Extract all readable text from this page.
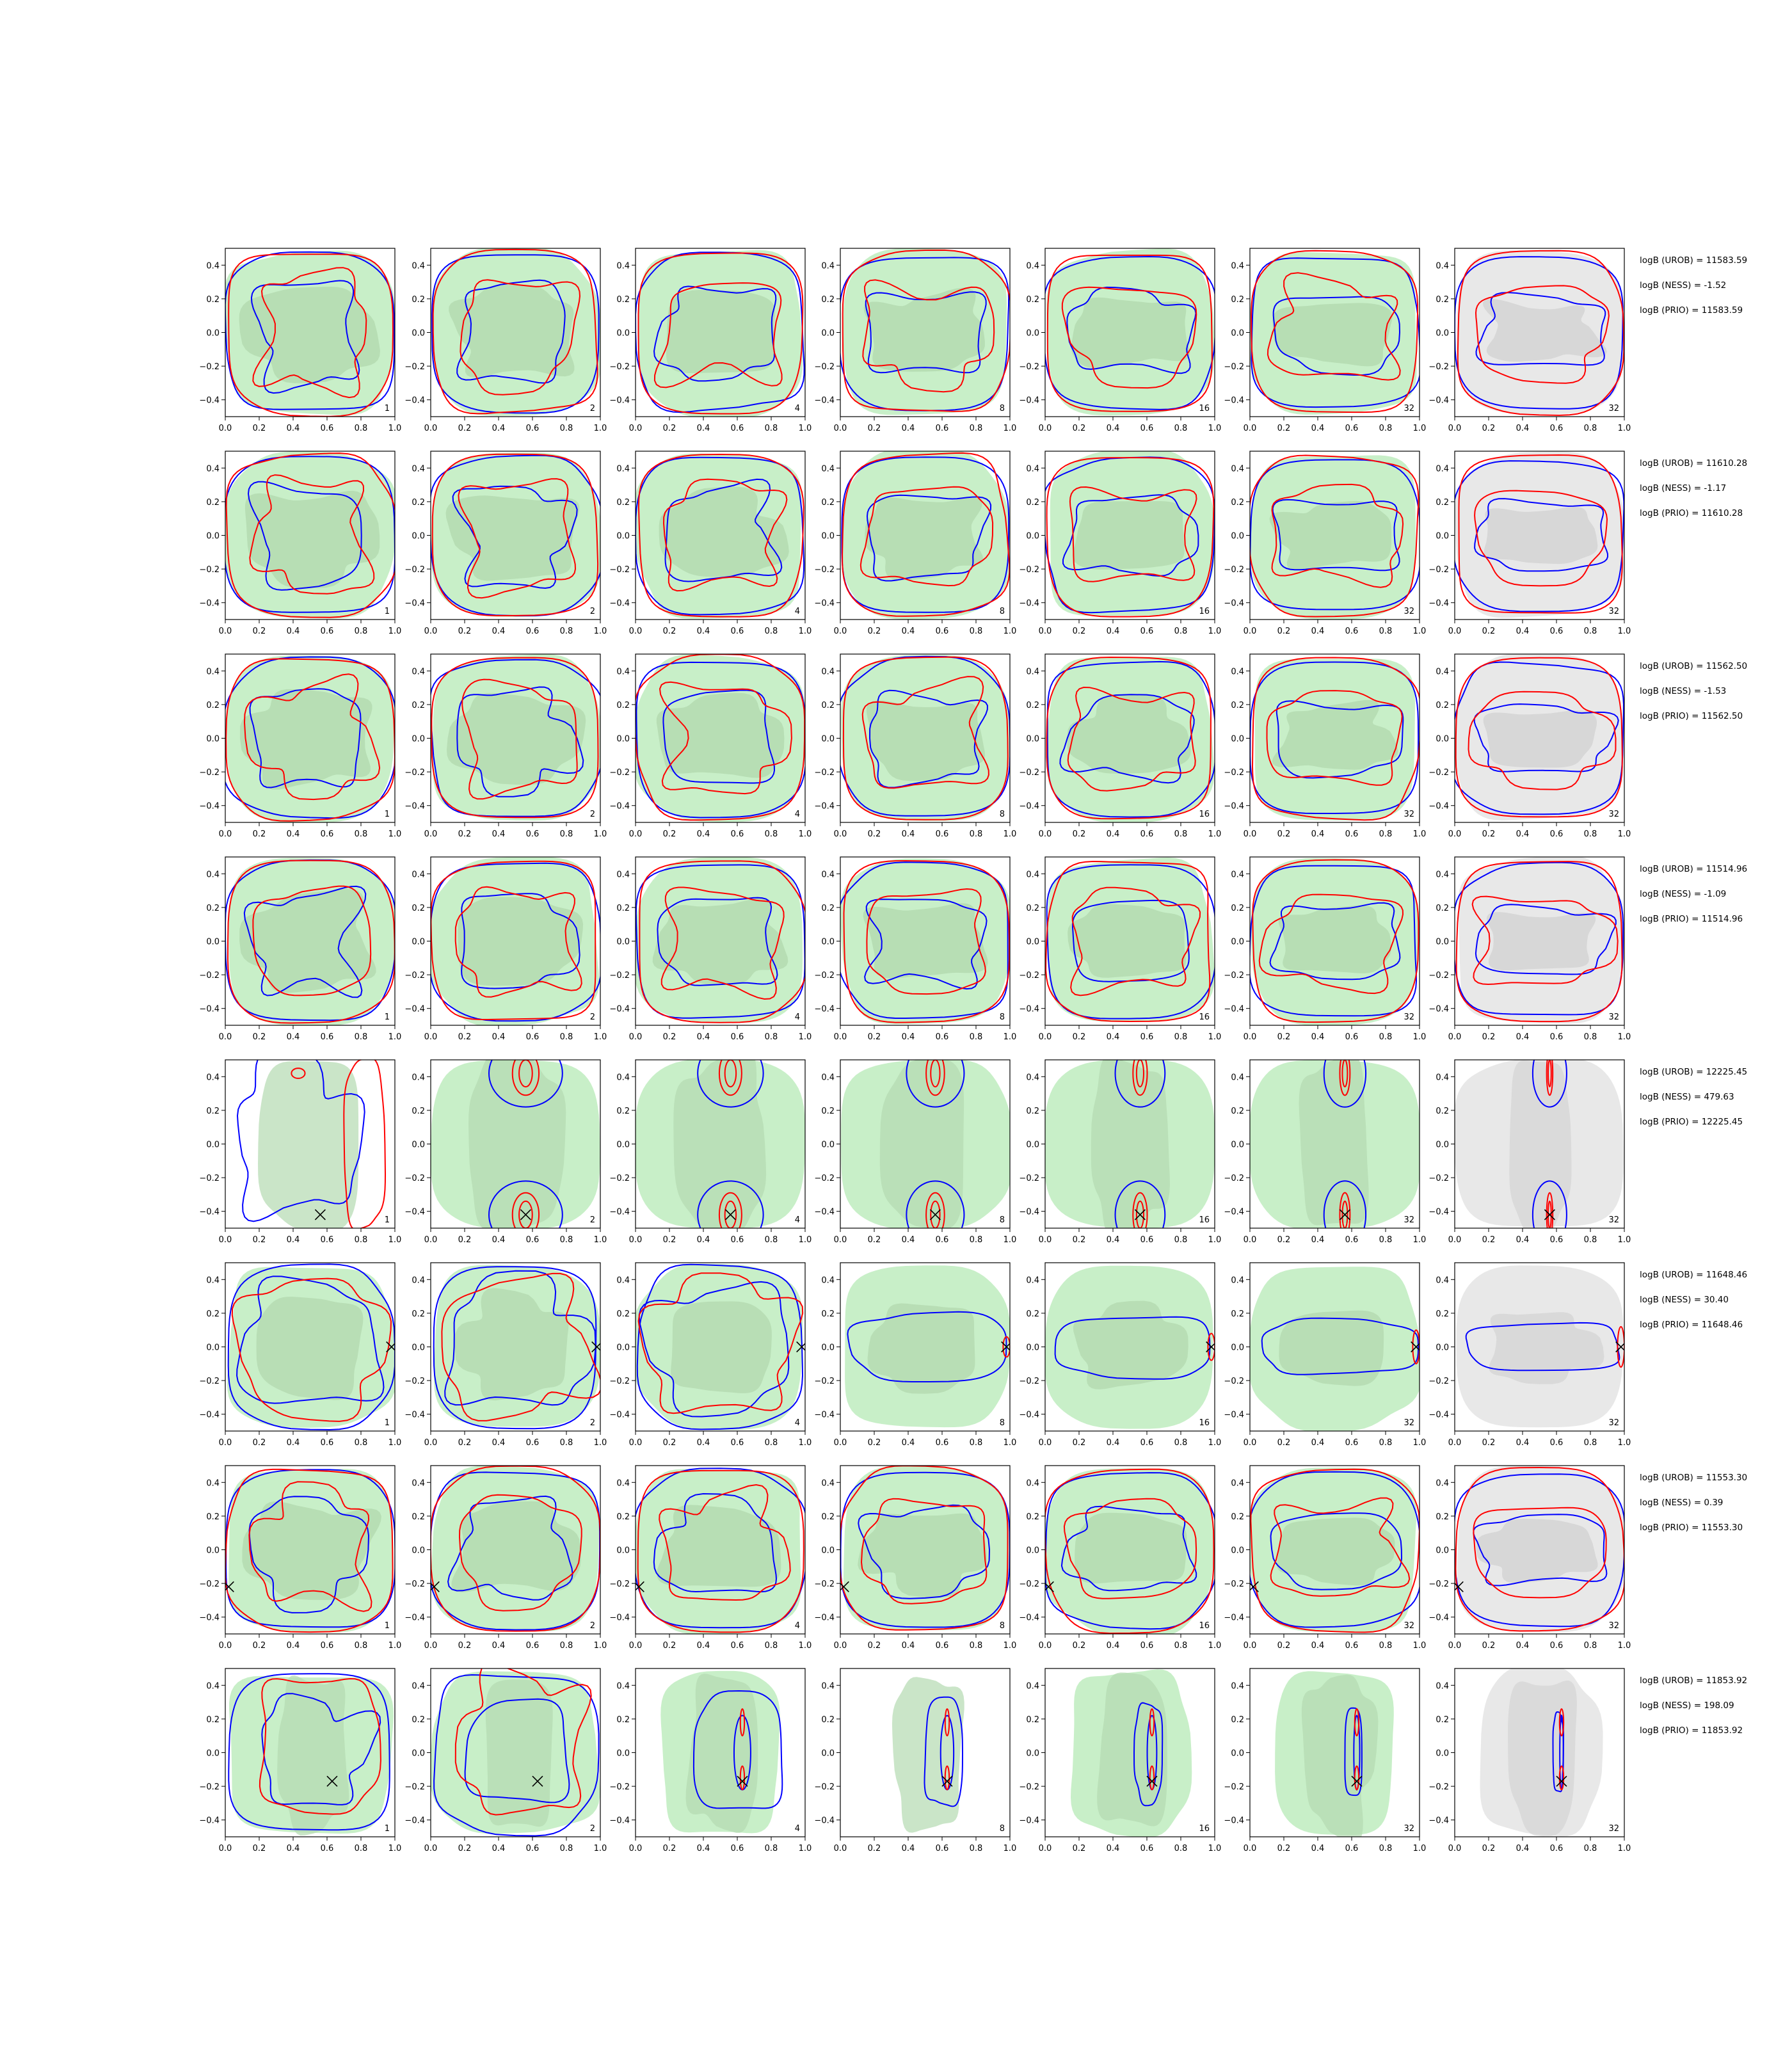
0.0 0.2 0.4 0.6 0.8 1.0
−0.4
−0.2
0.0
0.2
0.4
1
0.0 0.2 0.4 0.6 0.8 1.0
−0.4
−0.2
0.0
0.2
0.4
2
0.0 0.2 0.4 0.6 0.8 1.0
−0.4
−0.2
0.0
0.2
0.4
4
0.0 0.2 0.4 0.6 0.8 1.0
−0.4
−0.2
0.0
0.2
0.4
8
0.0 0.2 0.4 0.6 0.8 1.0
−0.4
−0.2
0.0
0.2
0.4
16
0.0 0.2 0.4 0.6 0.8 1.0
−0.4
−0.2
0.0
0.2
0.4
32
0.0 0.2 0.4 0.6 0.8 1.0
−0.4
−0.2
0.0
0.2
0.4
32
logB (UROB) = 11583.59
logB (NESS) = -1.52
logB (PRIO) = 11583.59
0.0 0.2 0.4 0.6 0.8 1.0
−0.4
−0.2
0.0
0.2
0.4
1
0.0 0.2 0.4 0.6 0.8 1.0
−0.4
−0.2
0.0
0.2
0.4
2
0.0 0.2 0.4 0.6 0.8 1.0
−0.4
−0.2
0.0
0.2
0.4
4
0.0 0.2 0.4 0.6 0.8 1.0
−0.4
−0.2
0.0
0.2
0.4
8
0.0 0.2 0.4 0.6 0.8 1.0
−0.4
−0.2
0.0
0.2
0.4
16
0.0 0.2 0.4 0.6 0.8 1.0
−0.4
−0.2
0.0
0.2
0.4
32
0.0 0.2 0.4 0.6 0.8 1.0
−0.4
−0.2
0.0
0.2
0.4
32
logB (UROB) = 11610.28
logB (NESS) = -1.17
logB (PRIO) = 11610.28
0.0 0.2 0.4 0.6 0.8 1.0
−0.4
−0.2
0.0
0.2
0.4
1
0.0 0.2 0.4 0.6 0.8 1.0
−0.4
−0.2
0.0
0.2
0.4
2
0.0 0.2 0.4 0.6 0.8 1.0
−0.4
−0.2
0.0
0.2
0.4
4
0.0 0.2 0.4 0.6 0.8 1.0
−0.4
−0.2
0.0
0.2
0.4
8
0.0 0.2 0.4 0.6 0.8 1.0
−0.4
−0.2
0.0
0.2
0.4
16
0.0 0.2 0.4 0.6 0.8 1.0
−0.4
−0.2
0.0
0.2
0.4
32
0.0 0.2 0.4 0.6 0.8 1.0
−0.4
−0.2
0.0
0.2
0.4
32
logB (UROB) = 11562.50
logB (NESS) = -1.53
logB (PRIO) = 11562.50
0.0 0.2 0.4 0.6 0.8 1.0
−0.4
−0.2
0.0
0.2
0.4
1
0.0 0.2 0.4 0.6 0.8 1.0
−0.4
−0.2
0.0
0.2
0.4
2
0.0 0.2 0.4 0.6 0.8 1.0
−0.4
−0.2
0.0
0.2
0.4
4
0.0 0.2 0.4 0.6 0.8 1.0
−0.4
−0.2
0.0
0.2
0.4
8
0.0 0.2 0.4 0.6 0.8 1.0
−0.4
−0.2
0.0
0.2
0.4
16
0.0 0.2 0.4 0.6 0.8 1.0
−0.4
−0.2
0.0
0.2
0.4
32
0.0 0.2 0.4 0.6 0.8 1.0
−0.4
−0.2
0.0
0.2
0.4
32
logB (UROB) = 11514.96
logB (NESS) = -1.09
logB (PRIO) = 11514.96
0.0 0.2 0.4 0.6 0.8 1.0
−0.4
−0.2
0.0
0.2
0.4
1
0.0 0.2 0.4 0.6 0.8 1.0
−0.4
−0.2
0.0
0.2
0.4
2
0.0 0.2 0.4 0.6 0.8 1.0
−0.4
−0.2
0.0
0.2
0.4
4
0.0 0.2 0.4 0.6 0.8 1.0
−0.4
−0.2
0.0
0.2
0.4
8
0.0 0.2 0.4 0.6 0.8 1.0
−0.4
−0.2
0.0
0.2
0.4
16
0.0 0.2 0.4 0.6 0.8 1.0
−0.4
−0.2
0.0
0.2
0.4
32
0.0 0.2 0.4 0.6 0.8 1.0
−0.4
−0.2
0.0
0.2
0.4
32
logB (UROB) = 12225.45
logB (NESS) = 479.63
logB (PRIO) = 12225.45
0.0 0.2 0.4 0.6 0.8 1.0
−0.4
−0.2
0.0
0.2
0.4
1
0.0 0.2 0.4 0.6 0.8 1.0
−0.4
−0.2
0.0
0.2
0.4
2
0.0 0.2 0.4 0.6 0.8 1.0
−0.4
−0.2
0.0
0.2
0.4
4
0.0 0.2 0.4 0.6 0.8 1.0
−0.4
−0.2
0.0
0.2
0.4
8
0.0 0.2 0.4 0.6 0.8 1.0
−0.4
−0.2
0.0
0.2
0.4
16
0.0 0.2 0.4 0.6 0.8 1.0
−0.4
−0.2
0.0
0.2
0.4
32
0.0 0.2 0.4 0.6 0.8 1.0
−0.4
−0.2
0.0
0.2
0.4
32
logB (UROB) = 11648.46
logB (NESS) = 30.40
logB (PRIO) = 11648.46
0.0 0.2 0.4 0.6 0.8 1.0
−0.4
−0.2
0.0
0.2
0.4
1
0.0 0.2 0.4 0.6 0.8 1.0
−0.4
−0.2
0.0
0.2
0.4
2
0.0 0.2 0.4 0.6 0.8 1.0
−0.4
−0.2
0.0
0.2
0.4
4
0.0 0.2 0.4 0.6 0.8 1.0
−0.4
−0.2
0.0
0.2
0.4
8
0.0 0.2 0.4 0.6 0.8 1.0
−0.4
−0.2
0.0
0.2
0.4
16
0.0 0.2 0.4 0.6 0.8 1.0
−0.4
−0.2
0.0
0.2
0.4
32
0.0 0.2 0.4 0.6 0.8 1.0
−0.4
−0.2
0.0
0.2
0.4
32
logB (UROB) = 11553.30
logB (NESS) = 0.39
logB (PRIO) = 11553.30
0.0 0.2 0.4 0.6 0.8 1.0
−0.4
−0.2
0.0
0.2
0.4
1
0.0 0.2 0.4 0.6 0.8 1.0
−0.4
−0.2
0.0
0.2
0.4
2
0.0 0.2 0.4 0.6 0.8 1.0
−0.4
−0.2
0.0
0.2
0.4
4
0.0 0.2 0.4 0.6 0.8 1.0
−0.4
−0.2
0.0
0.2
0.4
8
0.0 0.2 0.4 0.6 0.8 1.0
−0.4
−0.2
0.0
0.2
0.4
16
0.0 0.2 0.4 0.6 0.8 1.0
−0.4
−0.2
0.0
0.2
0.4
32
0.0 0.2 0.4 0.6 0.8 1.0
−0.4
−0.2
0.0
0.2
0.4
32
logB (UROB) = 11853.92
logB (NESS) = 198.09
logB (PRIO) = 11853.92
